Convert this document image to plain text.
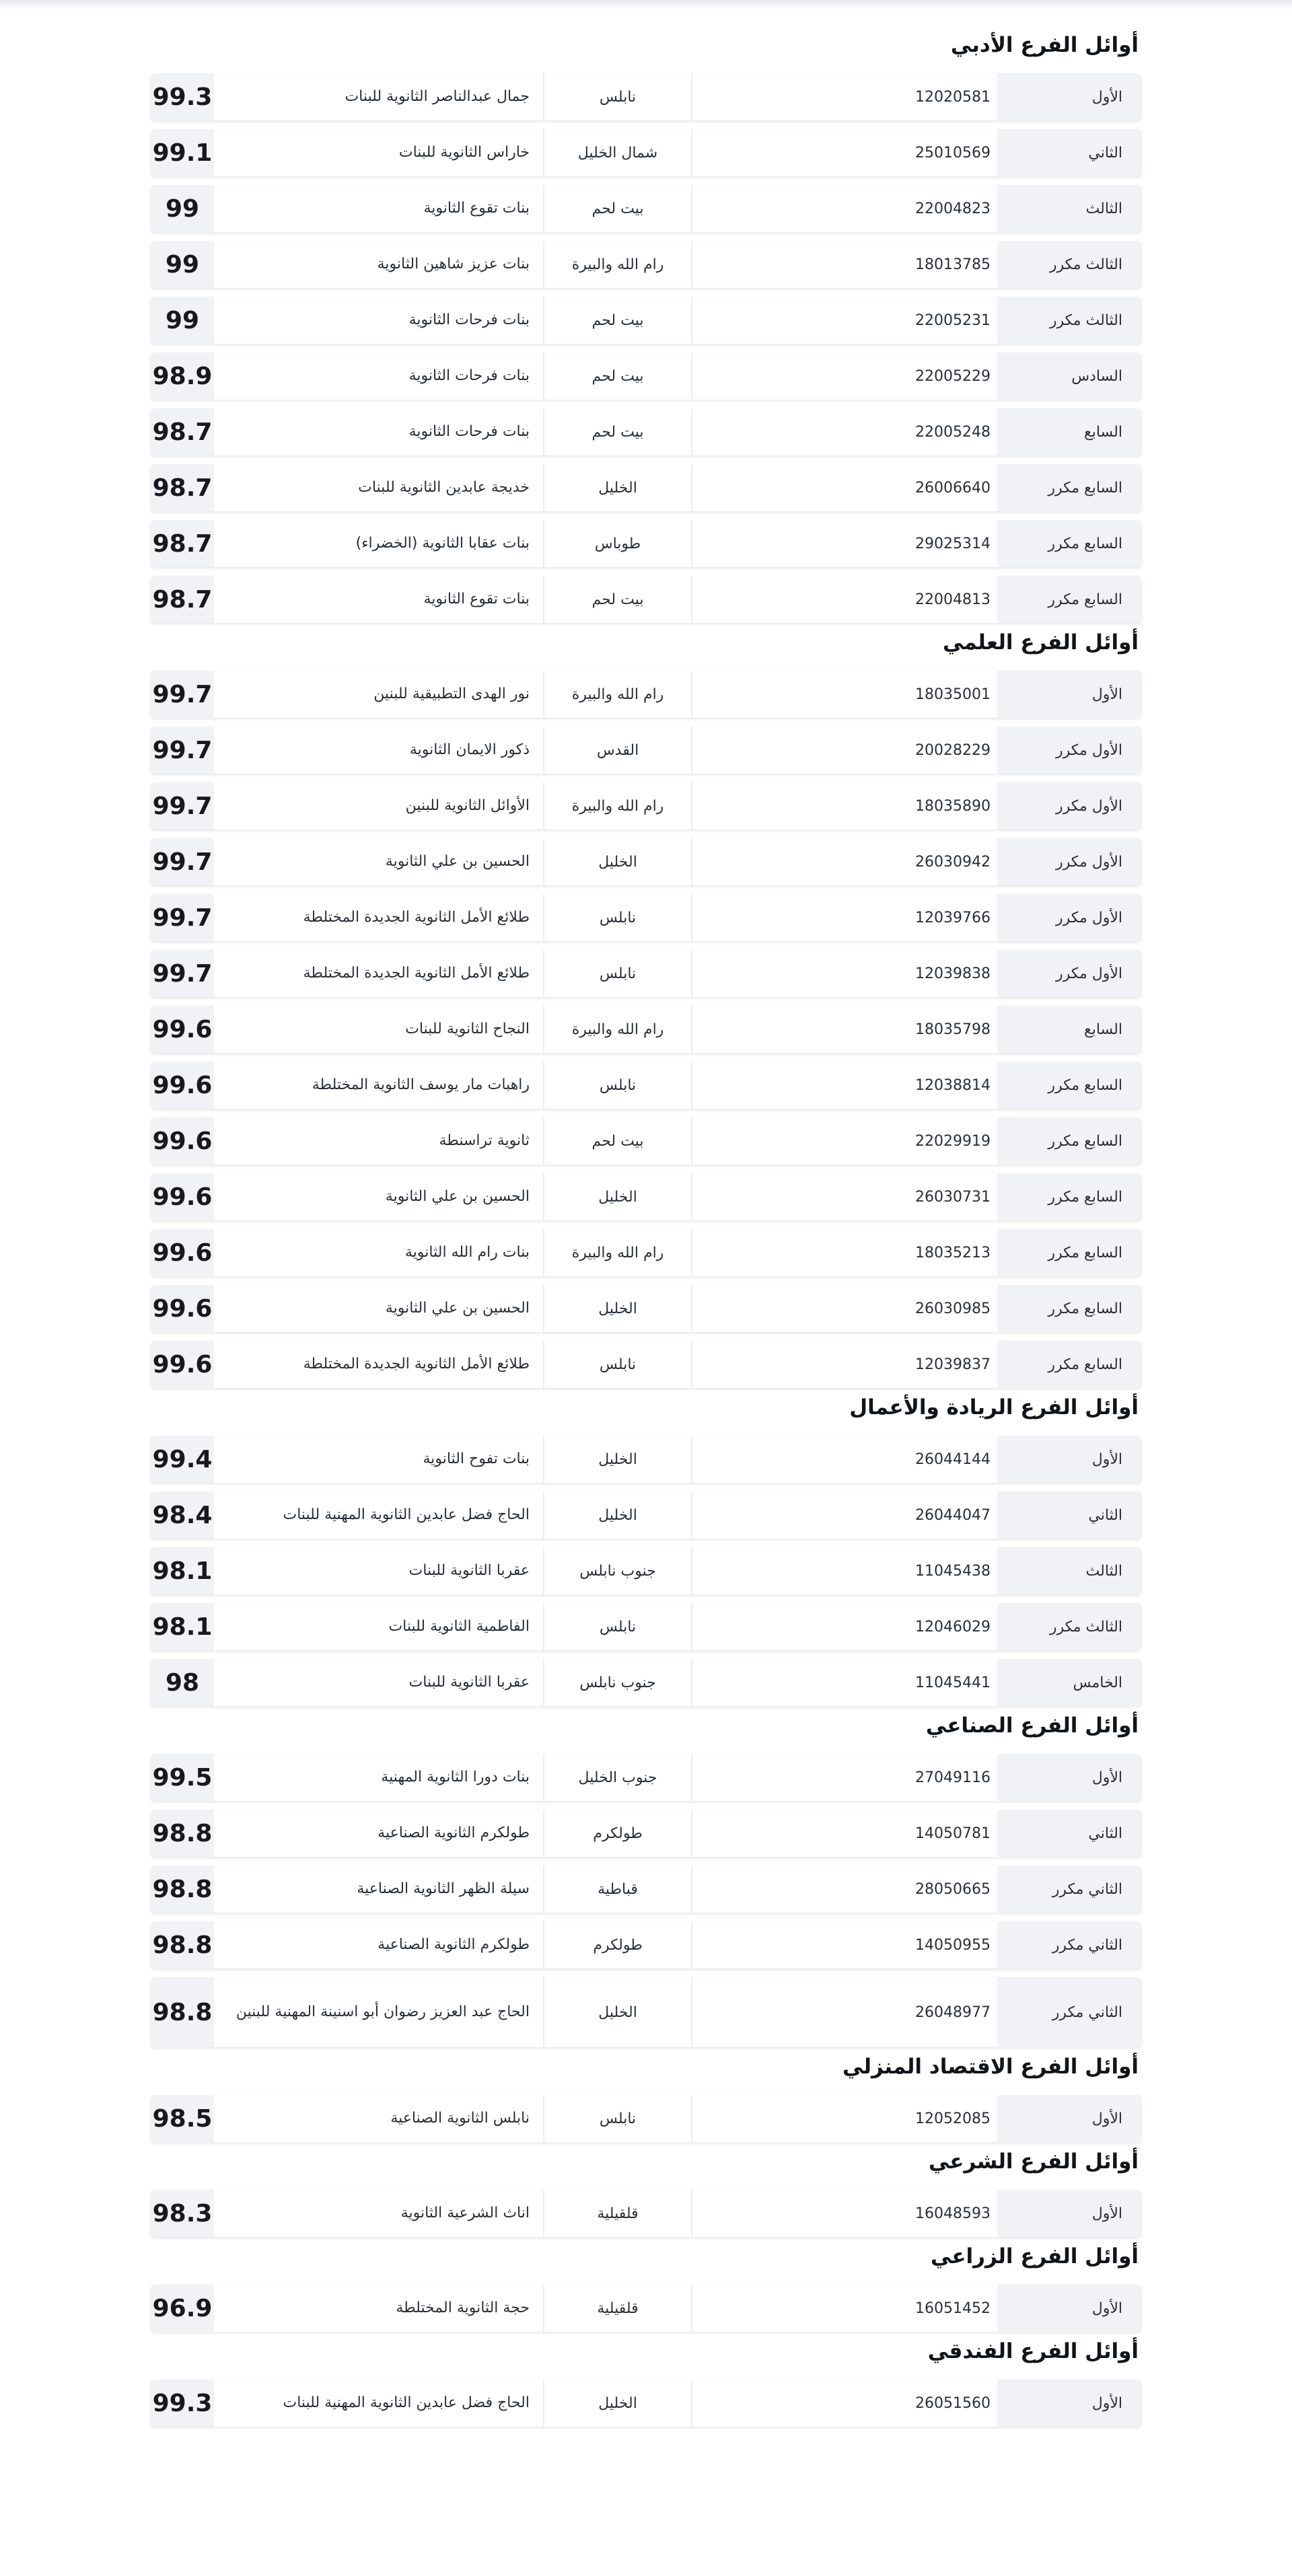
أوائل الفرع الأدبي
الأول
12020581
نابلس
جمال عبدالناصر الثانوية للبنات
99.3
الثاني
25010569
شمال الخليل
خاراس الثانوية للبنات
99.1
الثالث
22004823
بيت لحم
بنات تقوع الثانوية
99
الثالث مكرر
18013785
رام الله والبيرة
بنات عزيز شاهين الثانوية
99
الثالث مكرر
22005231
بيت لحم
بنات فرحات الثانوية
99
السادس
22005229
بيت لحم
بنات فرحات الثانوية
98.9
السابع
22005248
بيت لحم
بنات فرحات الثانوية
98.7
السابع مكرر
26006640
الخليل
خديجة عابدين الثانوية للبنات
98.7
السابع مكرر
29025314
طوباس
بنات عقابا الثانوية (الخضراء)
98.7
السابع مكرر
22004813
بيت لحم
بنات تقوع الثانوية
98.7
أوائل الفرع العلمي
الأول
18035001
رام الله والبيرة
نور الهدى التطبيقية للبنين
99.7
الأول مكرر
20028229
القدس
ذكور الايمان الثانوية
99.7
الأول مكرر
18035890
رام الله والبيرة
الأوائل الثانوية للبنين
99.7
الأول مكرر
26030942
الخليل
الحسين بن علي الثانوية
99.7
الأول مكرر
12039766
نابلس
طلائع الأمل الثانوية الجديدة المختلطة
99.7
الأول مكرر
12039838
نابلس
طلائع الأمل الثانوية الجديدة المختلطة
99.7
السابع
18035798
رام الله والبيرة
النجاح الثانوية للبنات
99.6
السابع مكرر
12038814
نابلس
راهبات مار يوسف الثانوية المختلطة
99.6
السابع مكرر
22029919
بيت لحم
ثانوية تراسنطة
99.6
السابع مكرر
26030731
الخليل
الحسين بن علي الثانوية
99.6
السابع مكرر
18035213
رام الله والبيرة
بنات رام الله الثانوية
99.6
السابع مكرر
26030985
الخليل
الحسين بن علي الثانوية
99.6
السابع مكرر
12039837
نابلس
طلائع الأمل الثانوية الجديدة المختلطة
99.6
أوائل الفرع الريادة والأعمال
الأول
26044144
الخليل
بنات تفوح الثانوية
99.4
الثاني
26044047
الخليل
الحاج فضل عابدين الثانوية المهنية للبنات
98.4
الثالث
11045438
جنوب نابلس
عقربا الثانوية للبنات
98.1
الثالث مكرر
12046029
نابلس
الفاطمية الثانوية للبنات
98.1
الخامس
11045441
جنوب نابلس
عقربا الثانوية للبنات
98
أوائل الفرع الصناعي
الأول
27049116
جنوب الخليل
بنات دورا الثانوية المهنية
99.5
الثاني
14050781
طولكرم
طولكرم الثانوية الصناعية
98.8
الثاني مكرر
28050665
قباطية
سيلة الظهر الثانوية الصناعية
98.8
الثاني مكرر
14050955
طولكرم
طولكرم الثانوية الصناعية
98.8
الثاني مكرر
26048977
الخليل
الحاج عبد العزيز رضوان أبو اسنينة المهنية للبنين
98.8
أوائل الفرع الاقتصاد المنزلي
الأول
12052085
نابلس
نابلس الثانوية الصناعية
98.5
أوائل الفرع الشرعي
الأول
16048593
قلقيلية
اناث الشرعية الثانوية
98.3
أوائل الفرع الزراعي
الأول
16051452
قلقيلية
حجة الثانوية المختلطة
96.9
أوائل الفرع الفندقي
الأول
26051560
الخليل
الحاج فضل عابدين الثانوية المهنية للبنات
99.3
